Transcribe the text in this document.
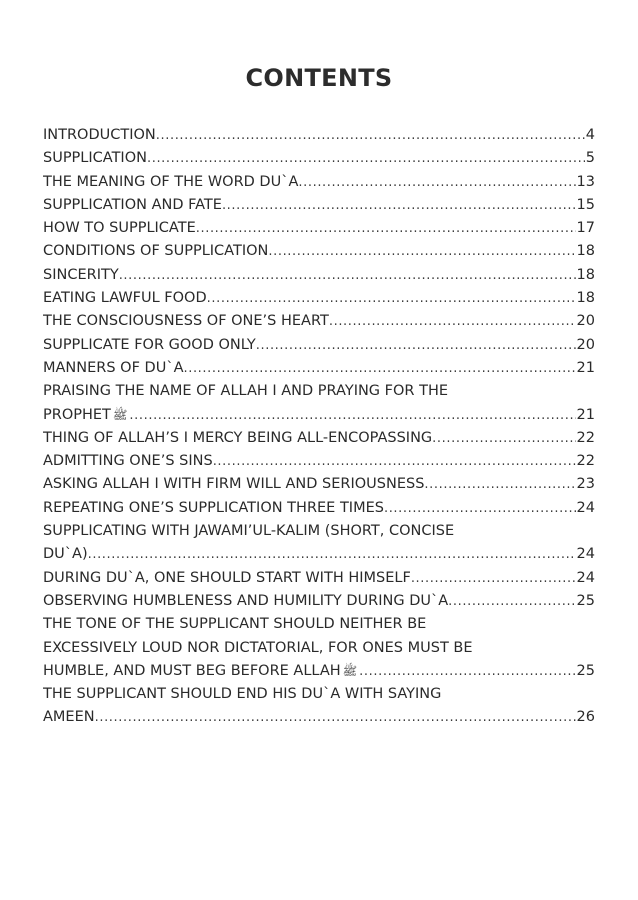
CONTENTS
INTRODUCTION .....	4
SUPPLICATION .....	5
THE MEANING OF THE WORD DU`A .....	13
SUPPLICATION AND FATE .....	15
HOW TO SUPPLICATE .....	17
CONDITIONS OF SUPPLICATION .....	18
SINCERITY .....	18
EATING LAWFUL FOOD .....	18
THE CONSCIOUSNESS OF ONE’S HEART .....	20
SUPPLICATE FOR GOOD ONLY .....	20
MANNERS OF DU`A .....	21
PRAISING THE NAME OF ALLAH I AND PRAYING FOR THE
PROPHET ﷺ .....	21
THING OF ALLAH’S I MERCY BEING ALL-ENCOPASSING .....	22
ADMITTING ONE’S SINS .....	22
ASKING ALLAH I WITH FIRM WILL AND SERIOUSNESS .....	23
REPEATING ONE’S SUPPLICATION THREE TIMES .....	24
SUPPLICATING WITH JAWAMI’UL-KALIM (SHORT, CONCISE
DU`A) .....	24
DURING DU`A, ONE SHOULD START WITH HIMSELF .....	24
OBSERVING HUMBLENESS AND HUMILITY DURING DU`A .....	25
THE TONE OF THE SUPPLICANT SHOULD NEITHER BE
EXCESSIVELY LOUD NOR DICTATORIAL, FOR ONES MUST BE
HUMBLE, AND MUST BEG BEFORE ALLAH ﷺ .....	25
THE SUPPLICANT SHOULD END HIS DU`A WITH SAYING
AMEEN .....	26
